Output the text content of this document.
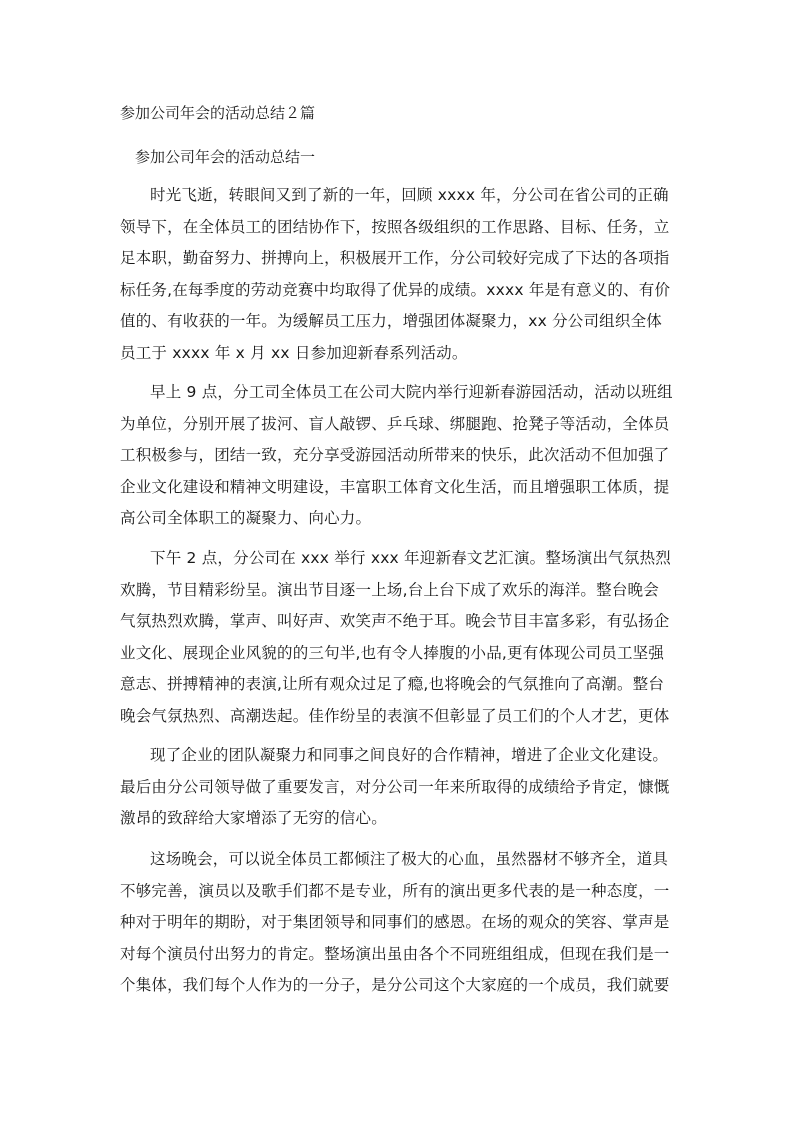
参加公司年会的活动总结２篇
参加公司年会的活动总结一
时光飞逝，转眼间又到了新的一年，回顾 xxxx 年，分公司在省公司的正确
领导下，在全体员工的团结协作下，按照各级组织的工作思路、目标、任务，立
足本职，勤奋努力、拼搏向上，积极展开工作，分公司较好完成了下达的各项指
标任务,在每季度的劳动竞赛中均取得了优异的成绩。xxxx 年是有意义的、有价
值的、有收获的一年。为缓解员工压力，增强团体凝聚力，xx 分公司组织全体
员工于 xxxx 年 x 月 xx 日参加迎新春系列活动。
早上 9 点，分工司全体员工在公司大院内举行迎新春游园活动，活动以班组
为单位，分别开展了拔河、盲人敲锣、乒乓球、绑腿跑、抢凳子等活动，全体员
工积极参与，团结一致，充分享受游园活动所带来的快乐，此次活动不但加强了
企业文化建设和精神文明建设，丰富职工体育文化生活，而且增强职工体质，提
高公司全体职工的凝聚力、向心力。
下午 2 点，分公司在 xxx 举行 xxx 年迎新春文艺汇演。整场演出气氛热烈
欢腾，节目精彩纷呈。演出节目逐一上场,台上台下成了欢乐的海洋。整台晚会
气氛热烈欢腾，掌声、叫好声、欢笑声不绝于耳。晚会节目丰富多彩，有弘扬企
业文化、展现企业风貌的的三句半,也有令人捧腹的小品,更有体现公司员工坚强
意志、拼搏精神的表演,让所有观众过足了瘾,也将晚会的气氛推向了高潮。整台
晚会气氛热烈、高潮迭起。佳作纷呈的表演不但彰显了员工们的个人才艺，更体
现了企业的团队凝聚力和同事之间良好的合作精神，增进了企业文化建设。
最后由分公司领导做了重要发言，对分公司一年来所取得的成绩给予肯定，慷慨
激昂的致辞给大家增添了无穷的信心。
这场晚会，可以说全体员工都倾注了极大的心血，虽然器材不够齐全，道具
不够完善，演员以及歌手们都不是专业，所有的演出更多代表的是一种态度，一
种对于明年的期盼，对于集团领导和同事们的感恩。在场的观众的笑容、掌声是
对每个演员付出努力的肯定。整场演出虽由各个不同班组组成，但现在我们是一
个集体，我们每个人作为的一分子，是分公司这个大家庭的一个成员，我们就要
